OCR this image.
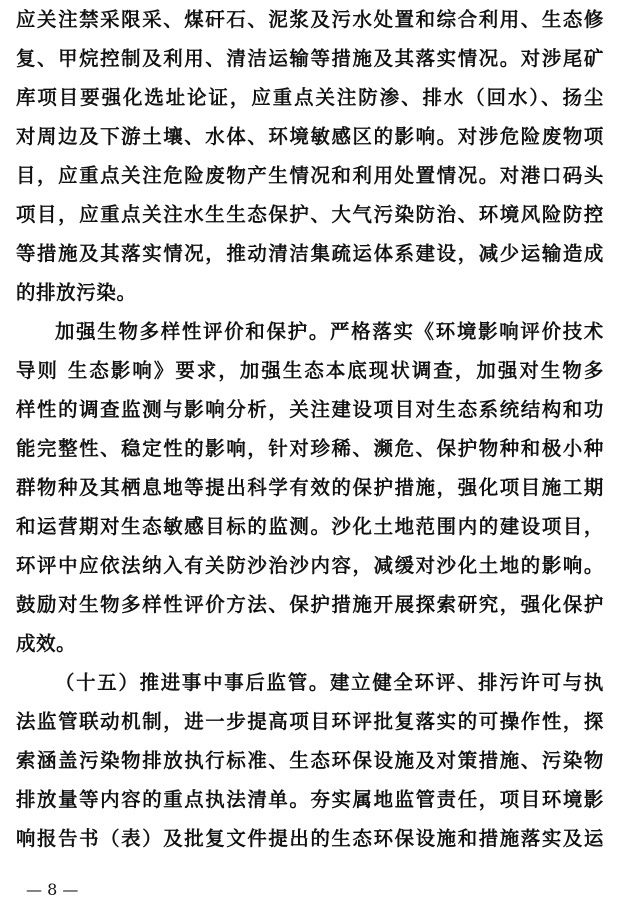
应关注禁采限采、煤矸石、泥浆及污水处置和综合利用、生态修
复、甲烷控制及利用、清洁运输等措施及其落实情况。对涉尾矿
库项目要强化选址论证，应重点关注防渗、排水（回水）、扬尘
对周边及下游土壤、水体、环境敏感区的影响。对涉危险废物项
目，应重点关注危险废物产生情况和利用处置情况。对港口码头
项目，应重点关注水生生态保护、大气污染防治、环境风险防控
等措施及其落实情况，推动清洁集疏运体系建设，减少运输造成
的排放污染。
加强生物多样性评价和保护。严格落实《环境影响评价技术
导则 生态影响》要求，加强生态本底现状调查，加强对生物多
样性的调查监测与影响分析，关注建设项目对生态系统结构和功
能完整性、稳定性的影响，针对珍稀、濒危、保护物种和极小种
群物种及其栖息地等提出科学有效的保护措施，强化项目施工期
和运营期对生态敏感目标的监测。沙化土地范围内的建设项目，
环评中应依法纳入有关防沙治沙内容，减缓对沙化土地的影响。
鼓励对生物多样性评价方法、保护措施开展探索研究，强化保护
成效。
（十五）推进事中事后监管。建立健全环评、排污许可与执
法监管联动机制，进一步提高项目环评批复落实的可操作性，探
索涵盖污染物排放执行标准、生态环保设施及对策措施、污染物
排放量等内容的重点执法清单。夯实属地监管责任，项目环境影
响报告书（表）及批复文件提出的生态环保设施和措施落实及运
— 8 —
